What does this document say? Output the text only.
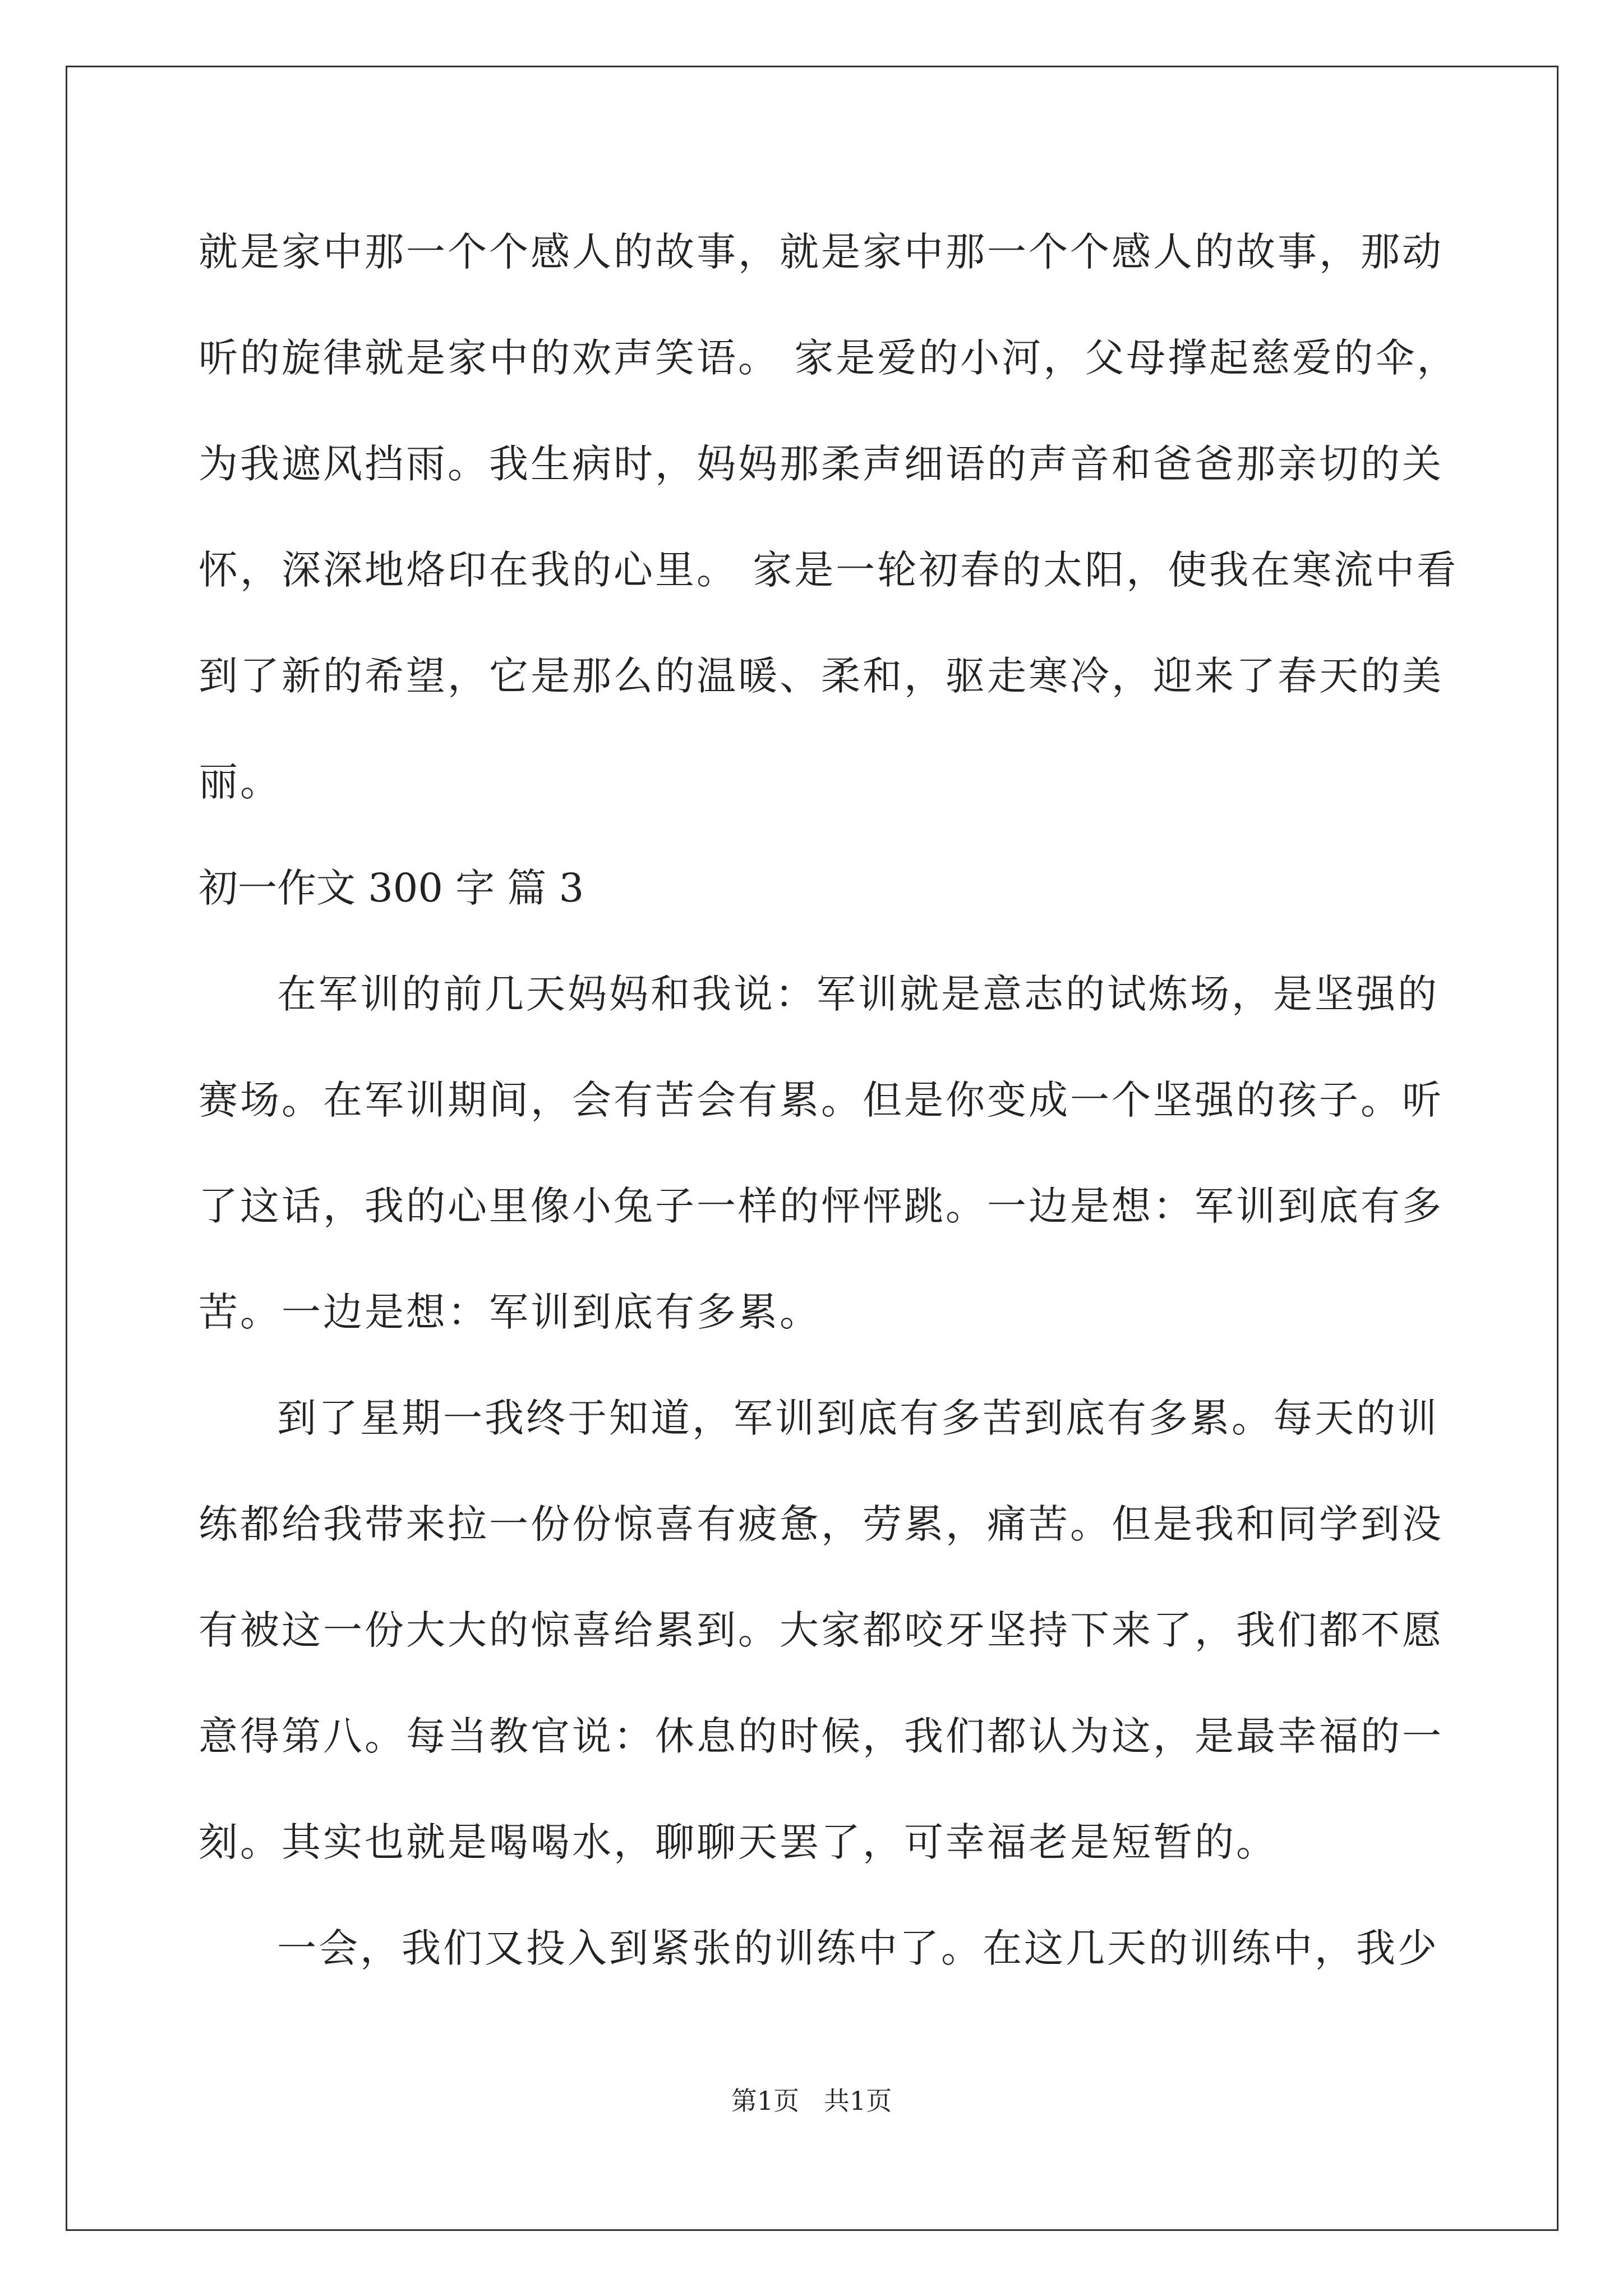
就是家中那一个个感人的故事，就是家中那一个个感人的故事，那动
听的旋律就是家中的欢声笑语。 家是爱的小河，父母撑起慈爱的伞，
为我遮风挡雨。我生病时，妈妈那柔声细语的声音和爸爸那亲切的关
怀，深深地烙印在我的心里。 家是一轮初春的太阳，使我在寒流中看
到了新的希望，它是那么的温暖、柔和，驱走寒冷，迎来了春天的美
丽。
初一作文 300 字 篇 3
在军训的前几天妈妈和我说：军训就是意志的试炼场，是坚强的
赛场。在军训期间，会有苦会有累。但是你变成一个坚强的孩子。听
了这话，我的心里像小兔子一样的怦怦跳。一边是想：军训到底有多
苦。一边是想：军训到底有多累。
到了星期一我终于知道，军训到底有多苦到底有多累。每天的训
练都给我带来拉一份份惊喜有疲惫，劳累，痛苦。但是我和同学到没
有被这一份大大的惊喜给累到。大家都咬牙坚持下来了，我们都不愿
意得第八。每当教官说：休息的时候，我们都认为这，是最幸福的一
刻。其实也就是喝喝水，聊聊天罢了，可幸福老是短暂的。
一会，我们又投入到紧张的训练中了。在这几天的训练中，我少
第1页   共1页
